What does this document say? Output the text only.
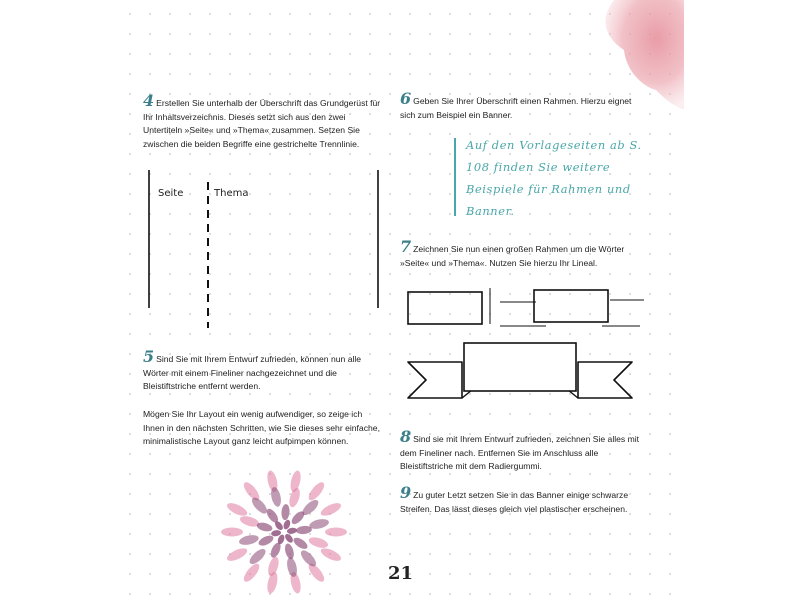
4 Erstellen Sie unterhalb der Überschrift das Grundgerüst für Ihr Inhaltsverzeichnis. Dieses setzt sich aus den zwei Untertiteln »Seite« und »Thema« zusammen. Setzen Sie zwischen die beiden Begriffe eine gestrichelte Trennlinie.

Seite	Thema

5 Sind Sie mit Ihrem Entwurf zufrieden, können nun alle Wörter mit einem Fineliner nachgezeichnet und die Bleistiftstriche entfernt werden.

Mögen Sie Ihr Layout ein wenig aufwendiger, so zeige ich Ihnen in den nächsten Schritten, wie Sie dieses sehr einfache, minimalistische Layout ganz leicht aufpimpen können.

6 Geben Sie Ihrer Überschrift einen Rahmen. Hierzu eignet sich zum Beispiel ein Banner.

Auf den Vorlageseiten ab S. 108 finden Sie weitere Beispiele für Rahmen und Banner.

7 Zeichnen Sie nun einen großen Rahmen um die Wörter »Seite« und »Thema«. Nutzen Sie hierzu Ihr Lineal.

8 Sind sie mit Ihrem Entwurf zufrieden, zeichnen Sie alles mit dem Fineliner nach. Entfernen Sie im Anschluss alle Bleistiftstriche mit dem Radiergummi.

9 Zu guter Letzt setzen Sie in das Banner einige schwarze Streifen. Das lässt dieses gleich viel plastischer erscheinen.

21
